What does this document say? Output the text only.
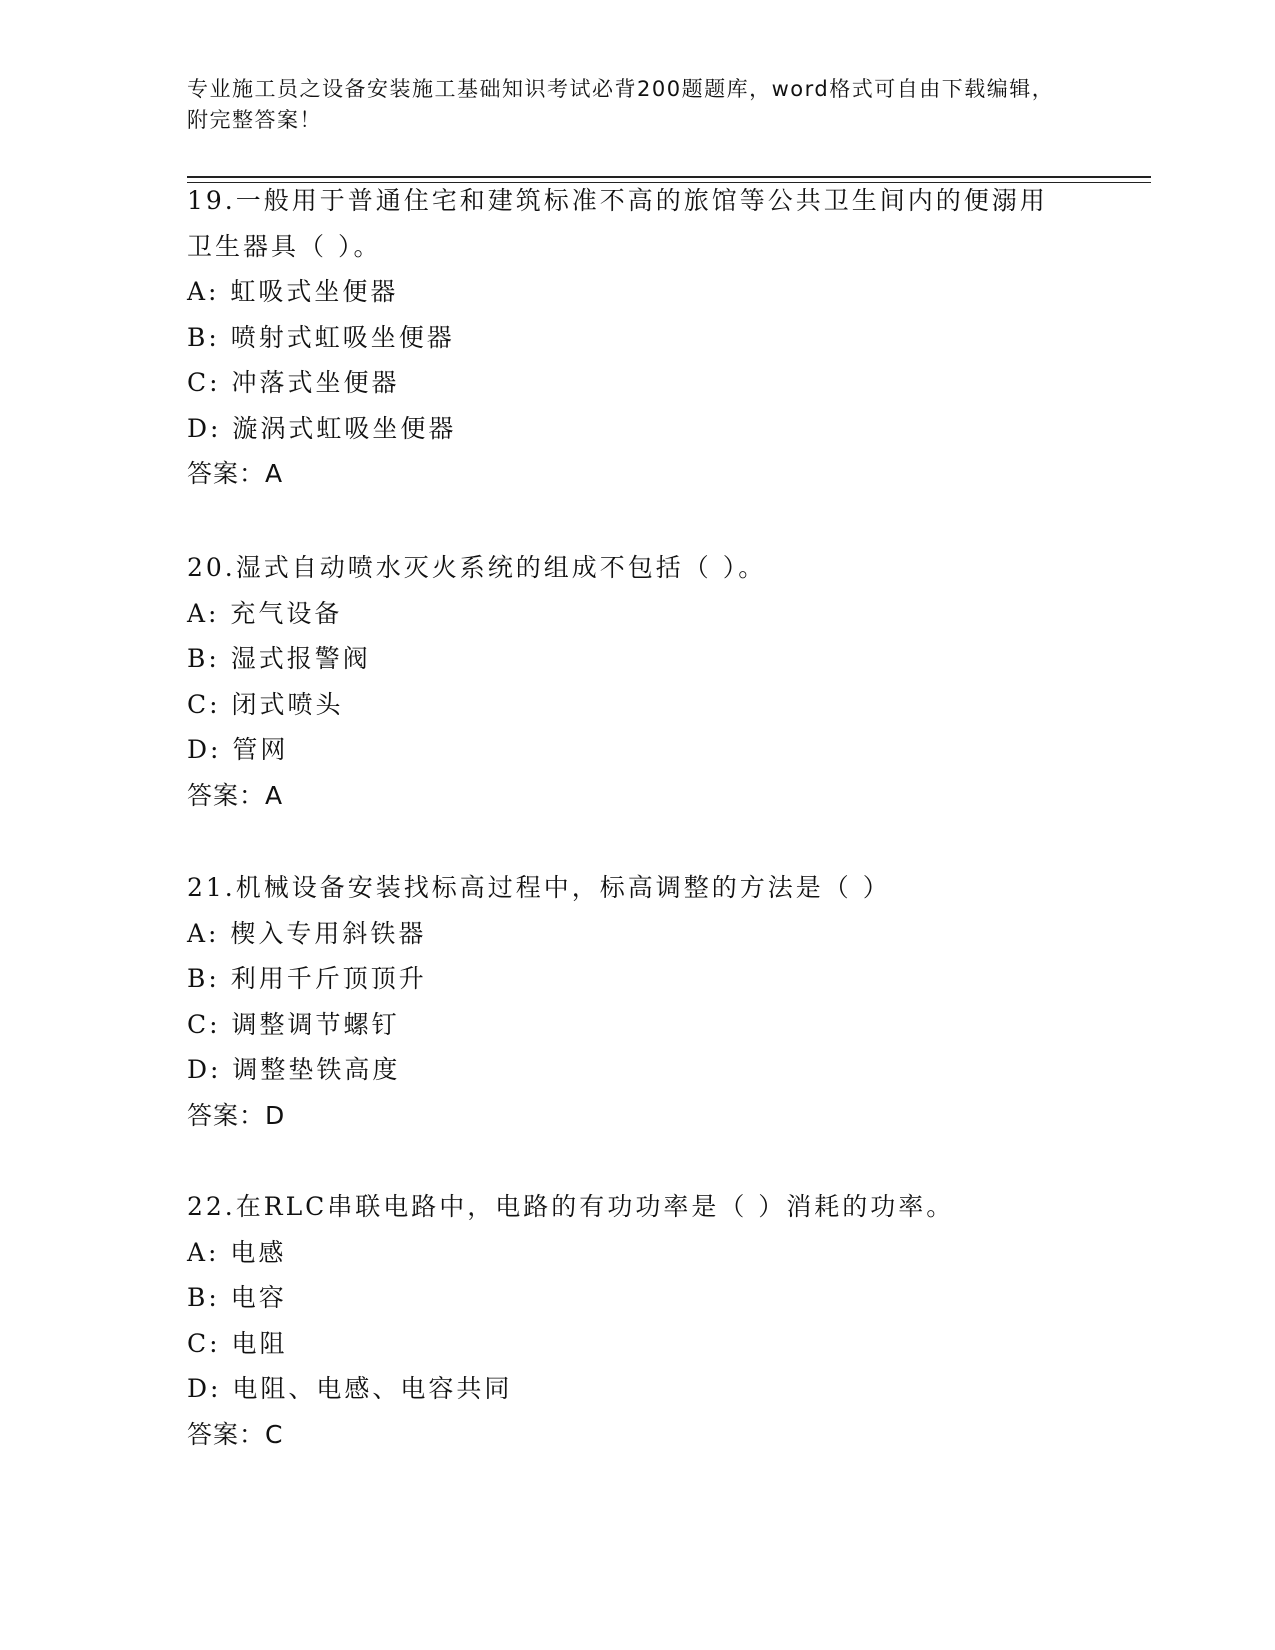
专业施工员之设备安装施工基础知识考试必背200题题库，word格式可自由下载编辑，附完整答案！
19.一般用于普通住宅和建筑标准不高的旅馆等公共卫生间内的便溺用卫生器具（ ）。
A: 虹吸式坐便器
B: 喷射式虹吸坐便器
C: 冲落式坐便器
D: 漩涡式虹吸坐便器
答案：A
20.湿式自动喷水灭火系统的组成不包括（ ）。
A: 充气设备
B: 湿式报警阀
C: 闭式喷头
D: 管网
答案：A
21.机械设备安装找标高过程中，标高调整的方法是（ ）
A: 楔入专用斜铁器
B: 利用千斤顶顶升
C: 调整调节螺钉
D: 调整垫铁高度
答案：D
22.在RLC串联电路中，电路的有功功率是（ ）消耗的功率。
A: 电感
B: 电容
C: 电阻
D: 电阻、电感、电容共同
答案：C
